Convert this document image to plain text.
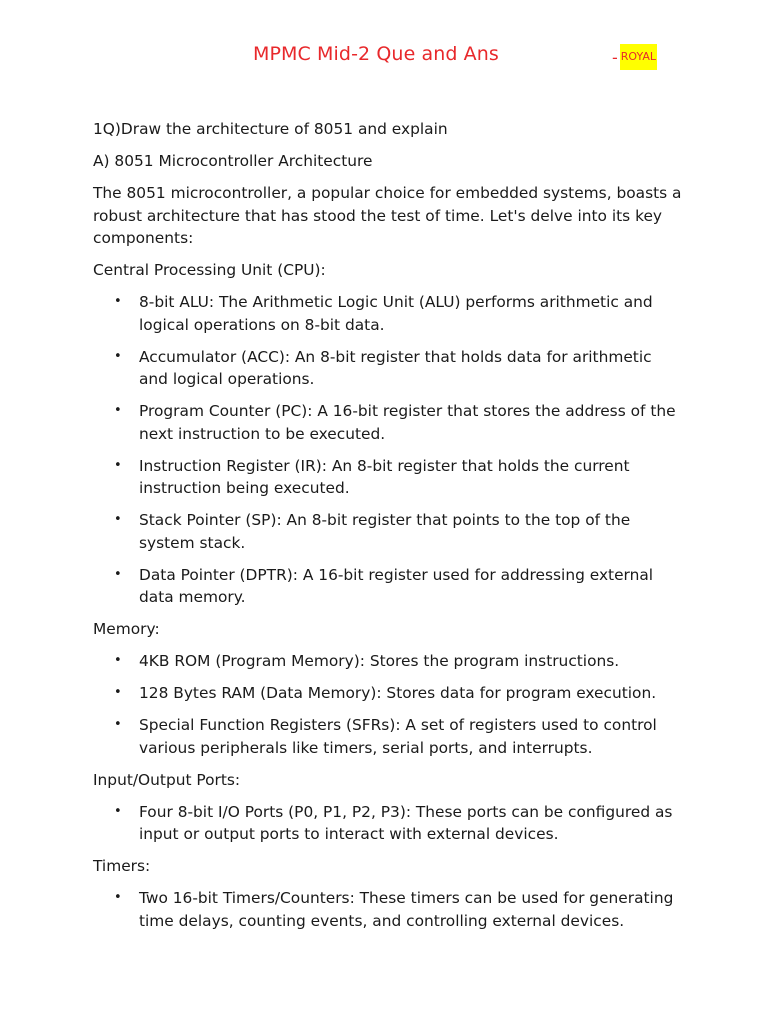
MPMC Mid-2 Que and Ans	- ROYAL

1Q)Draw the architecture of 8051 and explain

A) 8051 Microcontroller Architecture

The 8051 microcontroller, a popular choice for embedded systems, boasts a robust architecture that has stood the test of time. Let's delve into its key components:

Central Processing Unit (CPU):

• 8-bit ALU: The Arithmetic Logic Unit (ALU) performs arithmetic and logical operations on 8-bit data.
• Accumulator (ACC): An 8-bit register that holds data for arithmetic and logical operations.
• Program Counter (PC): A 16-bit register that stores the address of the next instruction to be executed.
• Instruction Register (IR): An 8-bit register that holds the current instruction being executed.
• Stack Pointer (SP): An 8-bit register that points to the top of the system stack.
• Data Pointer (DPTR): A 16-bit register used for addressing external data memory.

Memory:

• 4KB ROM (Program Memory): Stores the program instructions.
• 128 Bytes RAM (Data Memory): Stores data for program execution.
• Special Function Registers (SFRs): A set of registers used to control various peripherals like timers, serial ports, and interrupts.

Input/Output Ports:

• Four 8-bit I/O Ports (P0, P1, P2, P3): These ports can be configured as input or output ports to interact with external devices.

Timers:

• Two 16-bit Timers/Counters: These timers can be used for generating time delays, counting events, and controlling external devices.
